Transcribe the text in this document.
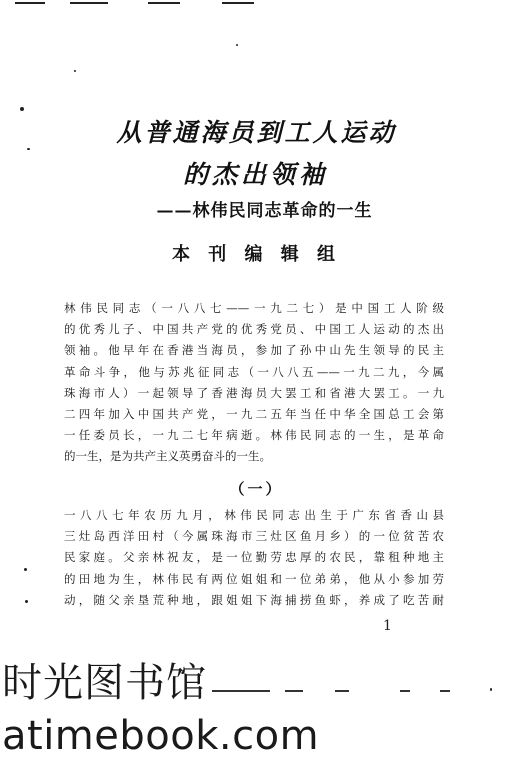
从普通海员到工人运动
的杰出领袖
——林伟民同志革命的一生
本 刊 编 辑 组
林伟民同志（一八八七——一九二七）是中国工人阶级
的优秀儿子、中国共产党的优秀党员、中国工人运动的杰出
领袖。他早年在香港当海员，参加了孙中山先生领导的民主
革命斗争，他与苏兆征同志（一八八五——一九二九，今属
珠海市人）一起领导了香港海员大罢工和省港大罢工。一九
二四年加入中国共产党，一九二五年当任中华全国总工会第
一任委员长，一九二七年病逝。林伟民同志的一生，是革命
的一生，是为共产主义英勇奋斗的一生。
（一）
一八八七年农历九月，林伟民同志出生于广东省香山县
三灶岛西洋田村（今属珠海市三灶区鱼月乡）的一位贫苦农
民家庭。父亲林祝友，是一位勤劳忠厚的农民，靠租种地主
的田地为生，林伟民有两位姐姐和一位弟弟，他从小参加劳
动，随父亲垦荒种地，跟姐姐下海捕捞鱼虾，养成了吃苦耐
1
时光图书馆
atimebook.com
